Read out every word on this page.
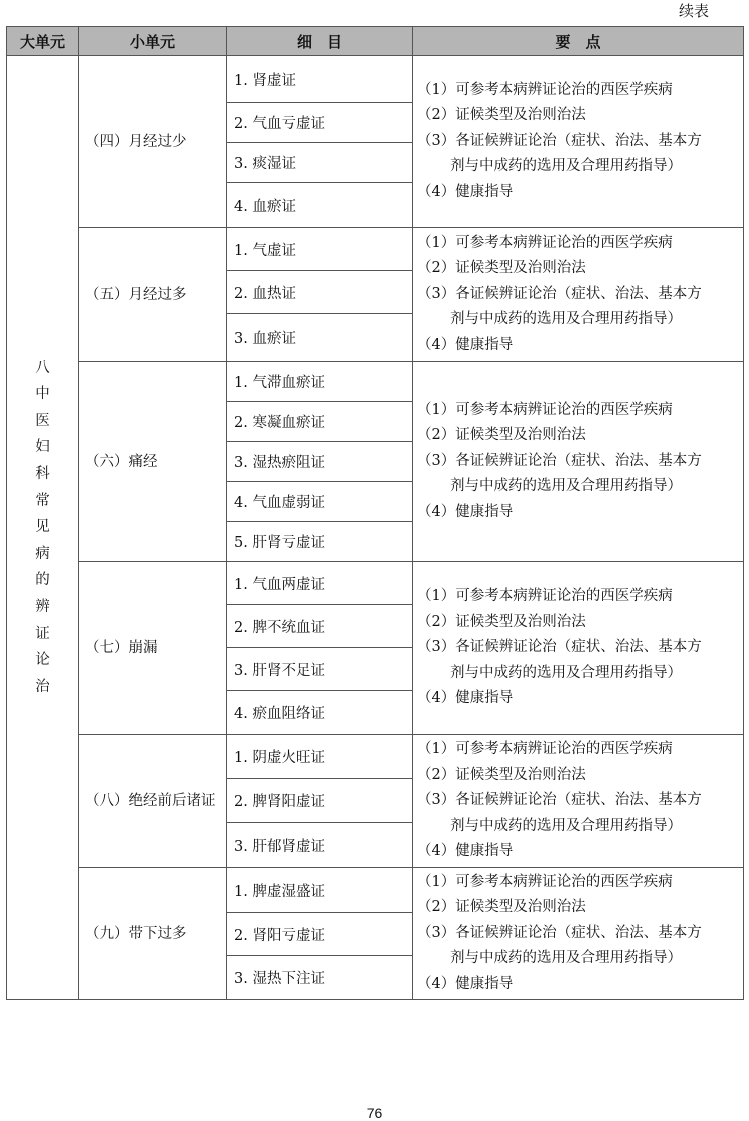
续表
大单元	小单元	细　目	要　点
八　中医妇科常见病的辨证论治	（四）月经过少	1. 肾虚证	（1）可参考本病辨证论治的西医学疾病
（2）证候类型及治则治法
（3）各证候辨证论治（症状、治法、基本方
剂与中成药的选用及合理用药指导）
（4）健康指导

		2. 气血亏虚证	
		3. 痰湿证	
		4. 血瘀证	
	（五）月经过多	1. 气虚证	（1）可参考本病辨证论治的西医学疾病
（2）证候类型及治则治法
（3）各证候辨证论治（症状、治法、基本方
剂与中成药的选用及合理用药指导）
（4）健康指导

		2. 血热证	
		3. 血瘀证	
	（六）痛经	1. 气滞血瘀证	（1）可参考本病辨证论治的西医学疾病
（2）证候类型及治则治法
（3）各证候辨证论治（症状、治法、基本方
剂与中成药的选用及合理用药指导）
（4）健康指导

		2. 寒凝血瘀证	
		3. 湿热瘀阻证	
		4. 气血虚弱证	
		5. 肝肾亏虚证	
	（七）崩漏	1. 气血两虚证	（1）可参考本病辨证论治的西医学疾病
（2）证候类型及治则治法
（3）各证候辨证论治（症状、治法、基本方
剂与中成药的选用及合理用药指导）
（4）健康指导

		2. 脾不统血证	
		3. 肝肾不足证	
		4. 瘀血阻络证	
	（八）绝经前后诸证	1. 阴虚火旺证	（1）可参考本病辨证论治的西医学疾病
（2）证候类型及治则治法
（3）各证候辨证论治（症状、治法、基本方
剂与中成药的选用及合理用药指导）
（4）健康指导

		2. 脾肾阳虚证	
		3. 肝郁肾虚证	
	（九）带下过多	1. 脾虚湿盛证	（1）可参考本病辨证论治的西医学疾病
（2）证候类型及治则治法
（3）各证候辨证论治（症状、治法、基本方
剂与中成药的选用及合理用药指导）
（4）健康指导

		2. 肾阳亏虚证	
		3. 湿热下注证	
76
